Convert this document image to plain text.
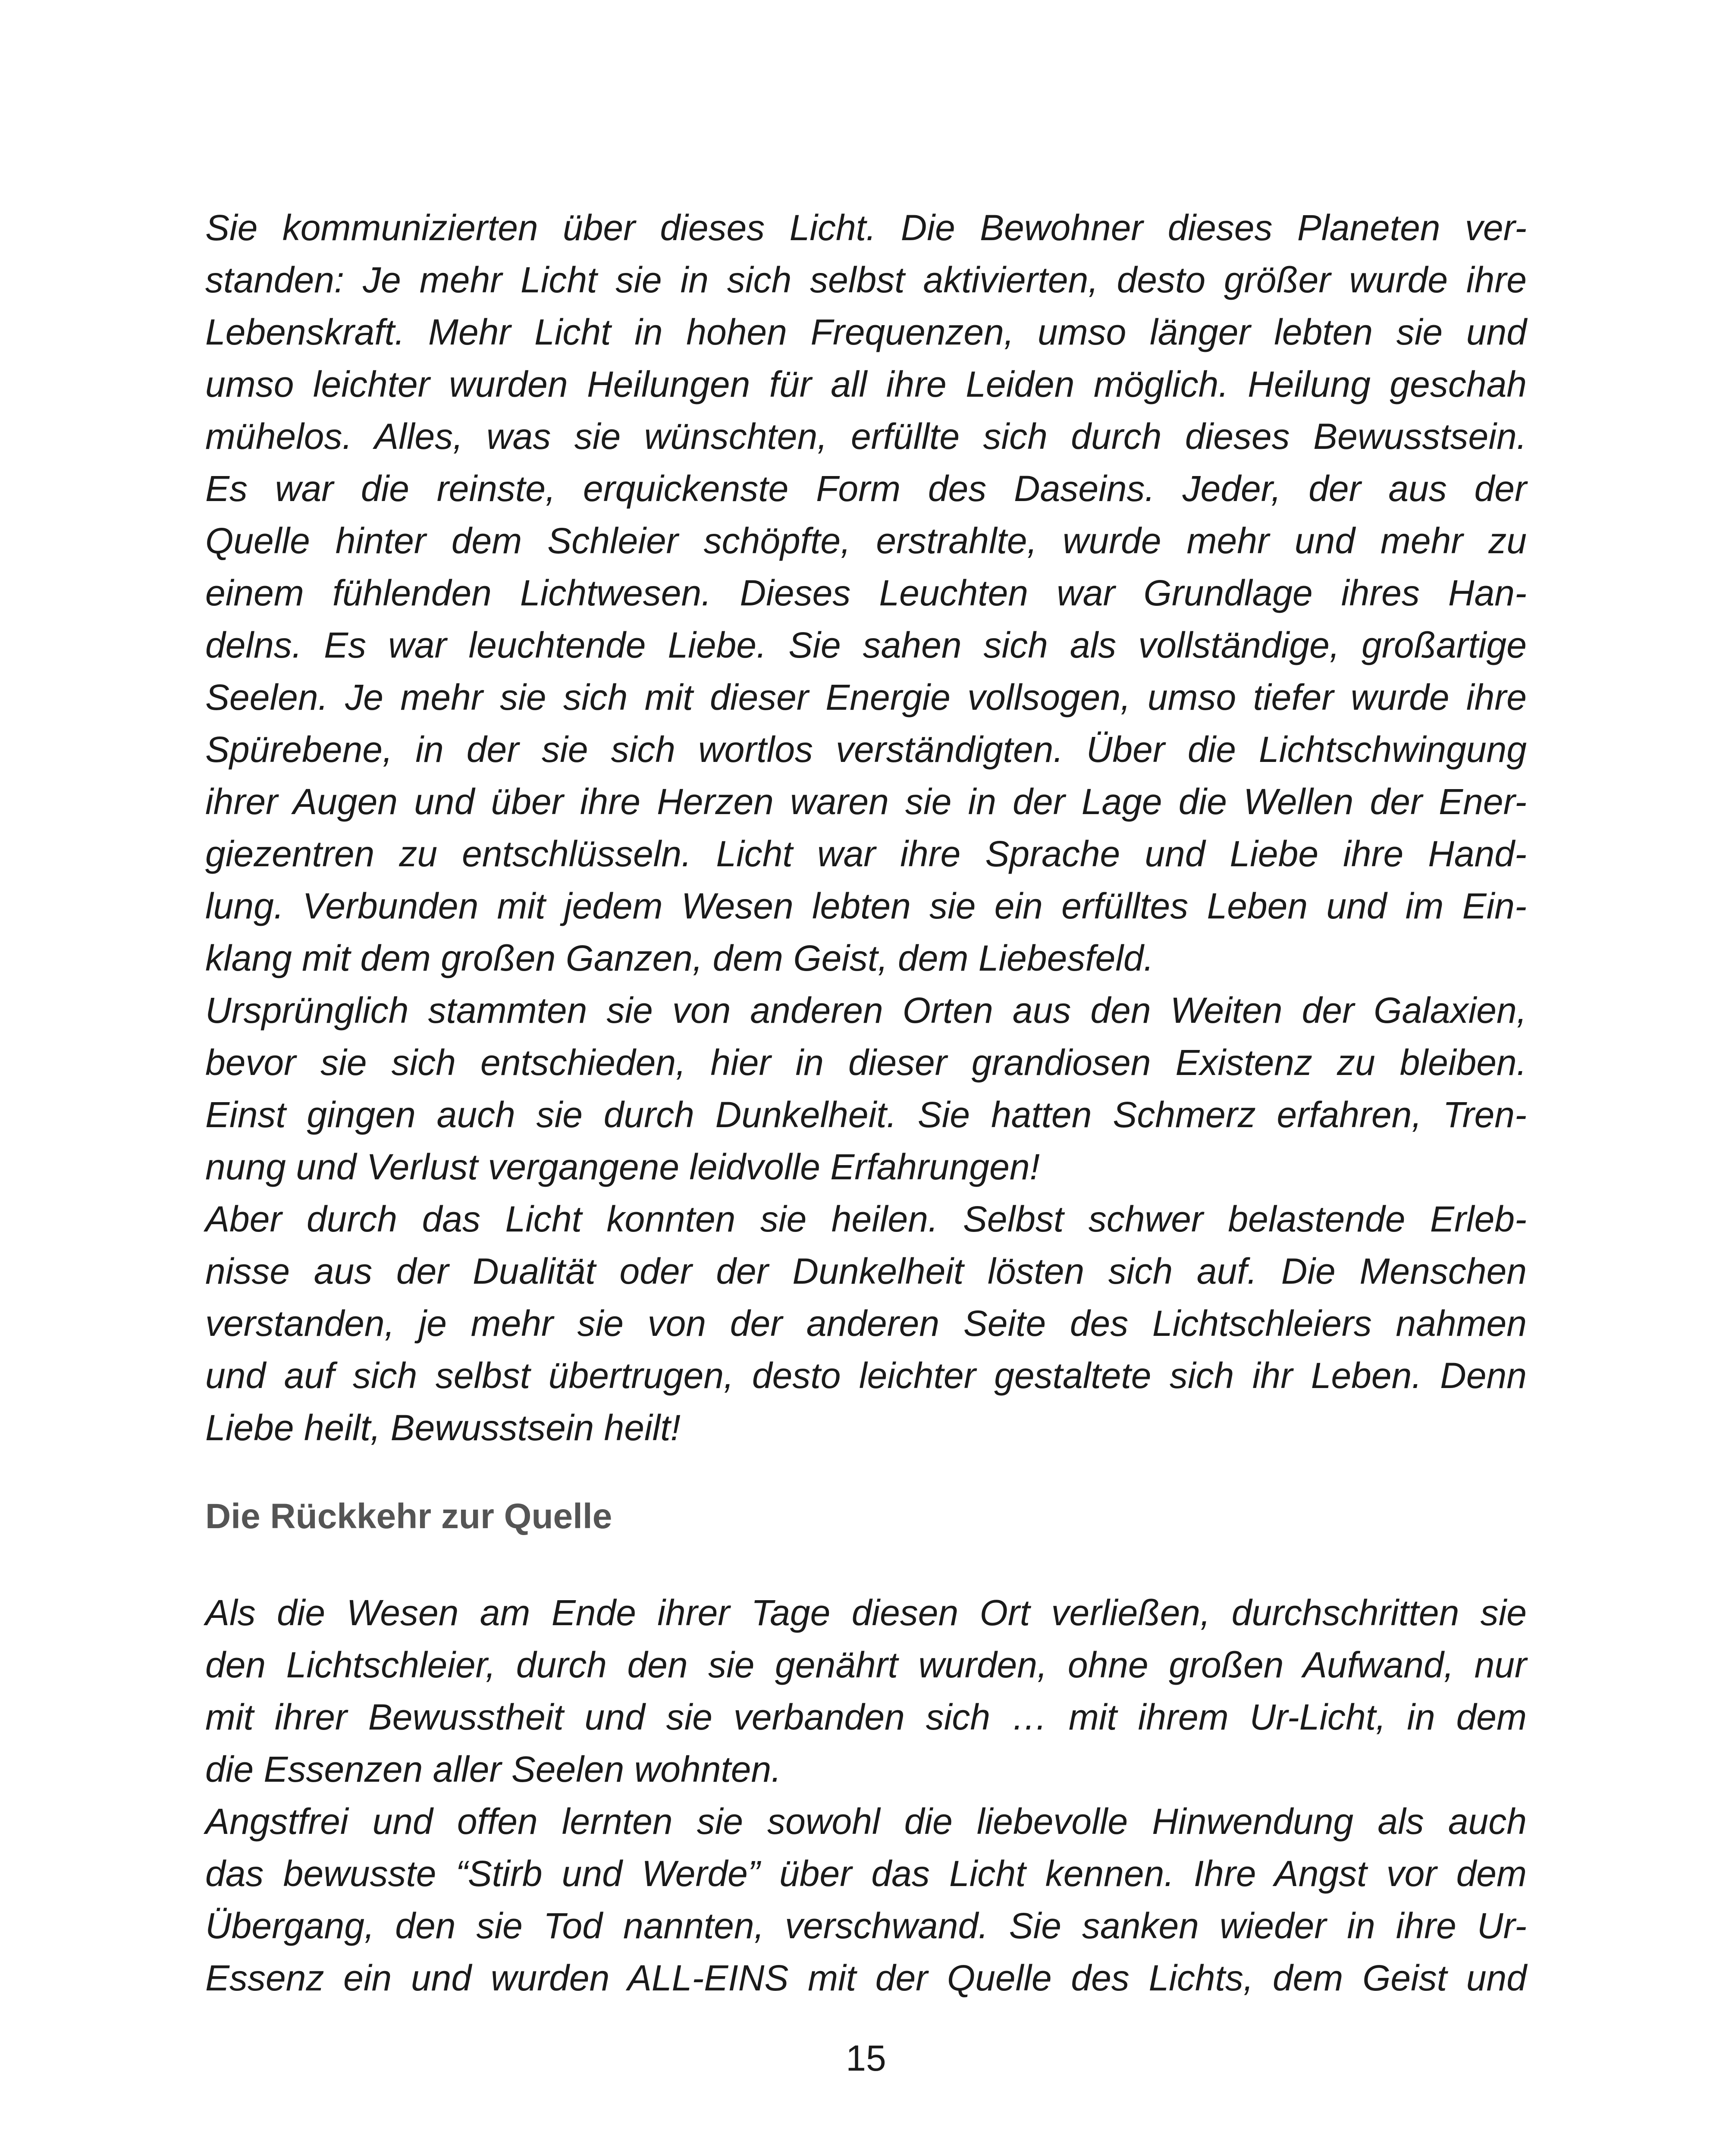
Sie kommunizierten über dieses Licht. Die Bewohner dieses Planeten ver-
standen: Je mehr Licht sie in sich selbst aktivierten, desto größer wurde ihre
Lebenskraft. Mehr Licht in hohen Frequenzen, umso länger lebten sie und
umso leichter wurden Heilungen für all ihre Leiden möglich. Heilung geschah
mühelos. Alles, was sie wünschten, erfüllte sich durch dieses Bewusstsein.
Es war die reinste, erquickenste Form des Daseins. Jeder, der aus der
Quelle hinter dem Schleier schöpfte, erstrahlte, wurde mehr und mehr zu
einem fühlenden Lichtwesen. Dieses Leuchten war Grundlage ihres Han-
delns. Es war leuchtende Liebe. Sie sahen sich als vollständige, großartige
Seelen. Je mehr sie sich mit dieser Energie vollsogen, umso tiefer wurde ihre
Spürebene, in der sie sich wortlos verständigten. Über die Lichtschwingung
ihrer Augen und über ihre Herzen waren sie in der Lage die Wellen der Ener-
giezentren zu entschlüsseln. Licht war ihre Sprache und Liebe ihre Hand-
lung. Verbunden mit jedem Wesen lebten sie ein erfülltes Leben und im Ein-
klang mit dem großen Ganzen, dem Geist, dem Liebesfeld.
Ursprünglich stammten sie von anderen Orten aus den Weiten der Galaxien,
bevor sie sich entschieden, hier in dieser grandiosen Existenz zu bleiben.
Einst gingen auch sie durch Dunkelheit. Sie hatten Schmerz erfahren, Tren-
nung und Verlust vergangene leidvolle Erfahrungen!
Aber durch das Licht konnten sie heilen. Selbst schwer belastende Erleb-
nisse aus der Dualität oder der Dunkelheit lösten sich auf. Die Menschen
verstanden, je mehr sie von der anderen Seite des Lichtschleiers nahmen
und auf sich selbst übertrugen, desto leichter gestaltete sich ihr Leben. Denn
Liebe heilt, Bewusstsein heilt!
Die Rückkehr zur Quelle
Als die Wesen am Ende ihrer Tage diesen Ort verließen, durchschritten sie
den Lichtschleier, durch den sie genährt wurden, ohne großen Aufwand, nur
mit ihrer Bewusstheit und sie verbanden sich … mit ihrem Ur-Licht, in dem
die Essenzen aller Seelen wohnten.
Angstfrei und offen lernten sie sowohl die liebevolle Hinwendung als auch
das bewusste “Stirb und Werde” über das Licht kennen. Ihre Angst vor dem
Übergang, den sie Tod nannten, verschwand. Sie sanken wieder in ihre Ur-
Essenz ein und wurden ALL-EINS mit der Quelle des Lichts, dem Geist und
15
